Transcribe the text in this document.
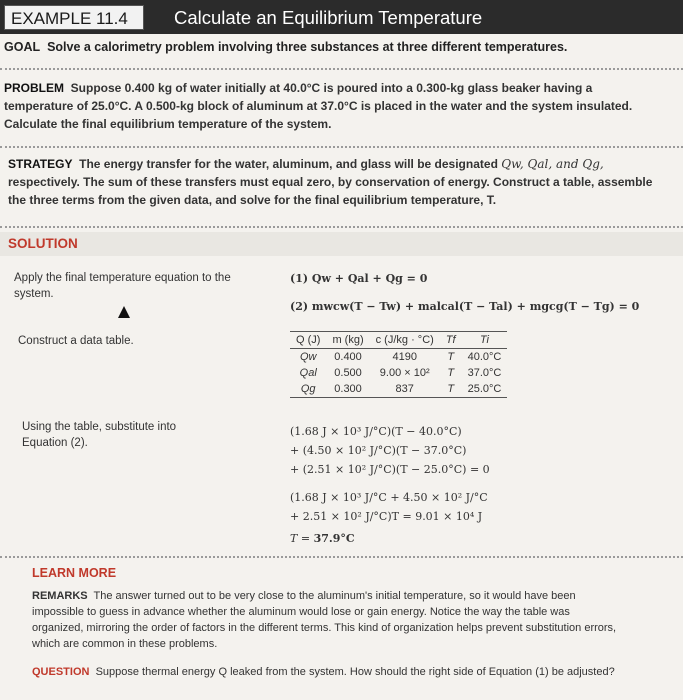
EXAMPLE 11.4	Calculate an Equilibrium Temperature
GOAL Solve a calorimetry problem involving three substances at three different temperatures.
PROBLEM Suppose 0.400 kg of water initially at 40.0°C is poured into a 0.300-kg glass beaker having a temperature of 25.0°C. A 0.500-kg block of aluminum at 37.0°C is placed in the water and the system insulated. Calculate the final equilibrium temperature of the system.
STRATEGY The energy transfer for the water, aluminum, and glass will be designated Qw, Qal, and Qg, respectively. The sum of these transfers must equal zero, by conservation of energy. Construct a table, assemble the three terms from the given data, and solve for the final equilibrium temperature, T.
SOLUTION
Apply the final temperature equation to the system.
(1) Qw + Qal + Qg = 0
(2) mwcw(T − Tw) + malcal(T − Tal) + mgcg(T − Tg) = 0
Construct a data table.	Q (J)	m (kg)	c (J/kg · °C)	Tf	Ti
Qw	0.400	4190	T	40.0°C
Qal	0.500	9.00 × 10²	T	37.0°C
Qg	0.300	837	T	25.0°C
Using the table, substitute into Equation (2).
(1.68 J × 10³ J/°C)(T − 40.0°C)
+ (4.50 × 10² J/°C)(T − 37.0°C)
+ (2.51 × 10² J/°C)(T − 25.0°C) = 0
(1.68 J × 10³ J/°C + 4.50 × 10² J/°C
+ 2.51 × 10² J/°C)T = 9.01 × 10⁴ J
T = 37.9°C
LEARN MORE
REMARKS The answer turned out to be very close to the aluminum's initial temperature, so it would have been impossible to guess in advance whether the aluminum would lose or gain energy. Notice the way the table was organized, mirroring the order of factors in the different terms. This kind of organization helps prevent substitution errors, which are common in these problems.
QUESTION Suppose thermal energy Q leaked from the system. How should the right side of Equation (1) be adjusted?
